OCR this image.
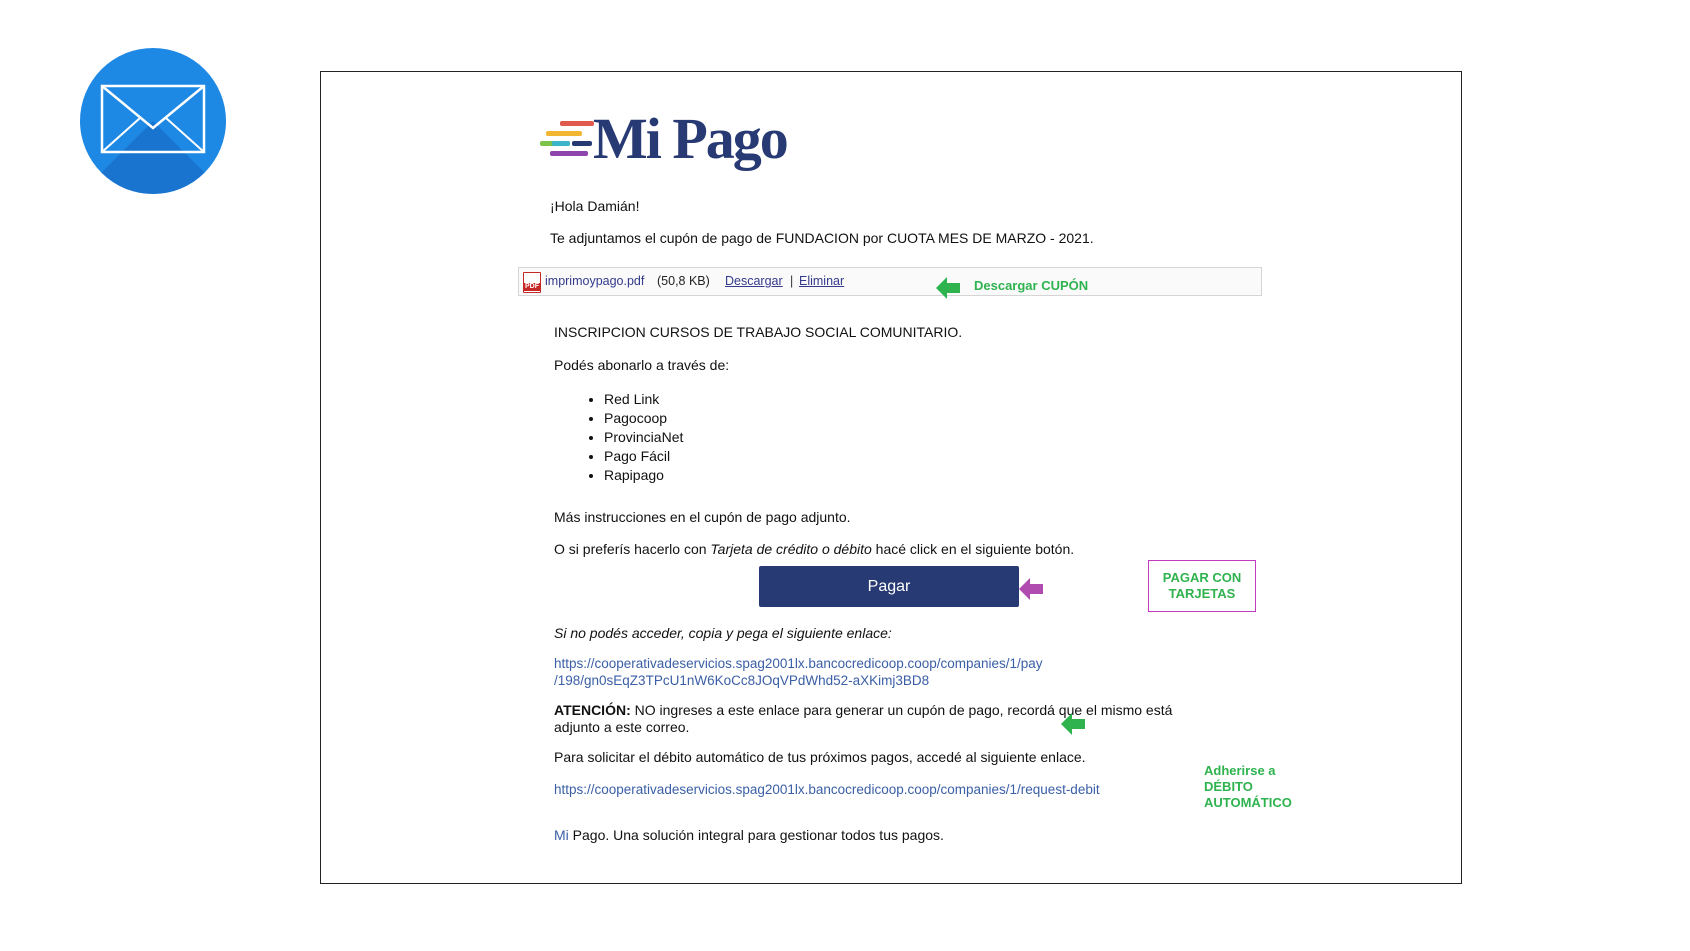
Mi Pago
¡Hola Damián!
Te adjuntamos el cupón de pago de FUNDACION por CUOTA MES DE MARZO - 2021.
PDF imprimoypago.pdf (50,8 KB) Descargar | Eliminar	Descargar CUPÓN
INSCRIPCION CURSOS DE TRABAJO SOCIAL COMUNITARIO.
Podés abonarlo a través de:
• Red Link
• Pagocoop
• ProvinciaNet
• Pago Fácil
• Rapipago
Más instrucciones en el cupón de pago adjunto.
O si preferís hacerlo con Tarjeta de crédito o débito hacé click en el siguiente botón.
Pagar
PAGAR CON
TARJETAS
Si no podés acceder, copia y pega el siguiente enlace:
https://cooperativadeservicios.spag2001lx.bancocredicoop.coop/companies/1/pay
/198/gn0sEqZ3TPcU1nW6KoCc8JOqVPdWhd52-aXKimj3BD8
ATENCIÓN: NO ingreses a este enlace para generar un cupón de pago, recordá que el mismo está
adjunto a este correo.
Para solicitar el débito automático de tus próximos pagos, accedé al siguiente enlace.
https://cooperativadeservicios.spag2001lx.bancocredicoop.coop/companies/1/request-debit
Adherirse a
DÉBITO
AUTOMÁTICO
Mi Pago. Una solución integral para gestionar todos tus pagos.
